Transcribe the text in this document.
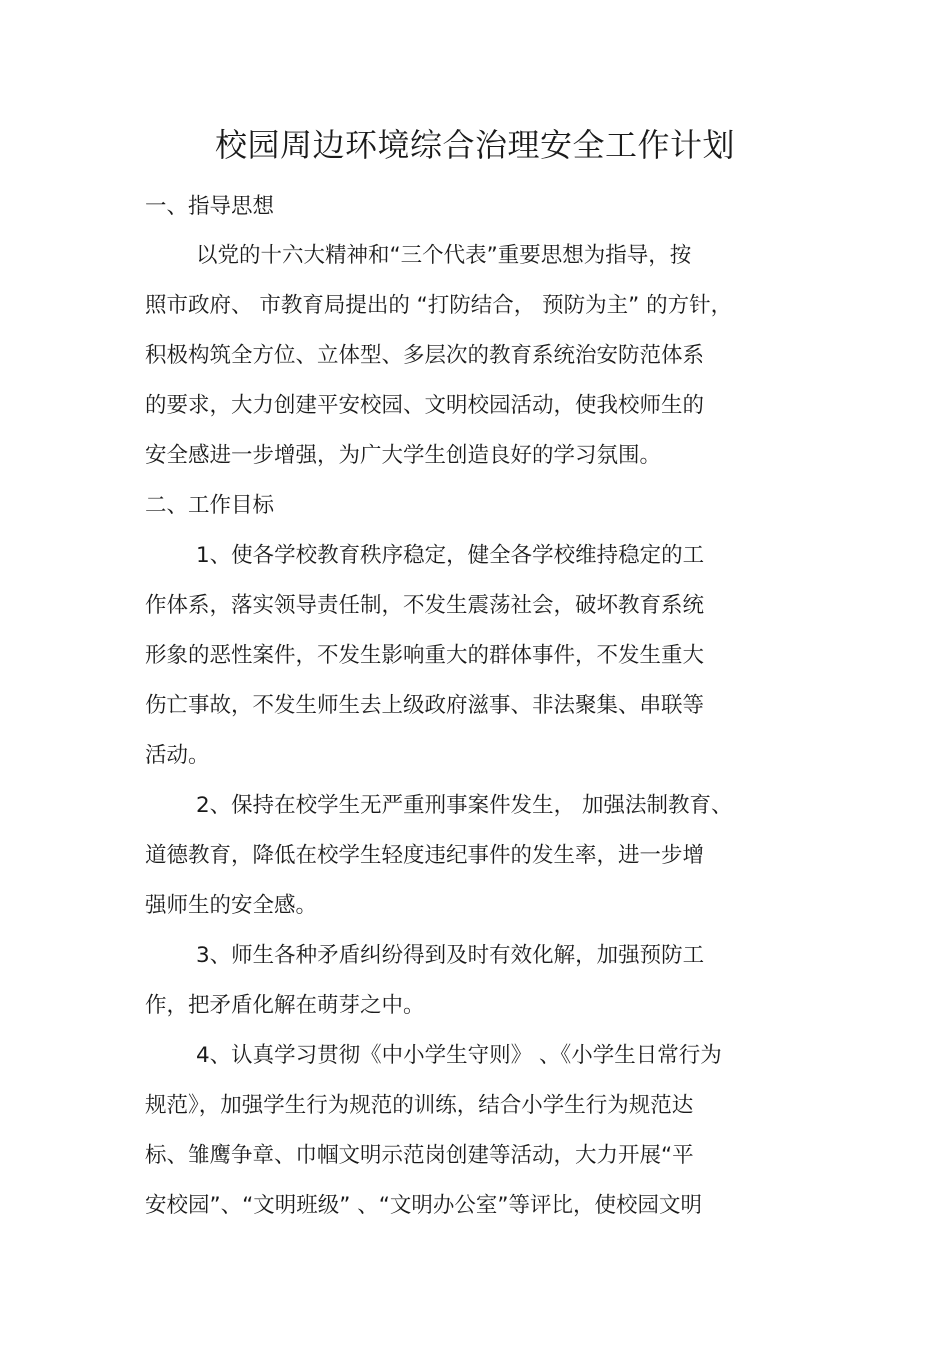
校园周边环境综合治理安全工作计划
一、指导思想
以党的十六大精神和“三个代表”重要思想为指导，按
照市政府、 市教育局提出的 “打防结合， 预防为主” 的方针，
积极构筑全方位、立体型、多层次的教育系统治安防范体系
的要求，大力创建平安校园、文明校园活动，使我校师生的
安全感进一步增强，为广大学生创造良好的学习氛围。
二、工作目标
1、使各学校教育秩序稳定，健全各学校维持稳定的工
作体系，落实领导责任制，不发生震荡社会，破坏教育系统
形象的恶性案件，不发生影响重大的群体事件，不发生重大
伤亡事故，不发生师生去上级政府滋事、非法聚集、串联等
活动。
2、保持在校学生无严重刑事案件发生， 加强法制教育、
道德教育，降低在校学生轻度违纪事件的发生率，进一步增
强师生的安全感。
3、师生各种矛盾纠纷得到及时有效化解，加强预防工
作，把矛盾化解在萌芽之中。
4、认真学习贯彻《中小学生守则》 、《小学生日常行为
规范》，加强学生行为规范的训练，结合小学生行为规范达
标、雏鹰争章、巾帼文明示范岗创建等活动，大力开展“平
安校园”、“文明班级” 、“文明办公室”等评比，使校园文明
